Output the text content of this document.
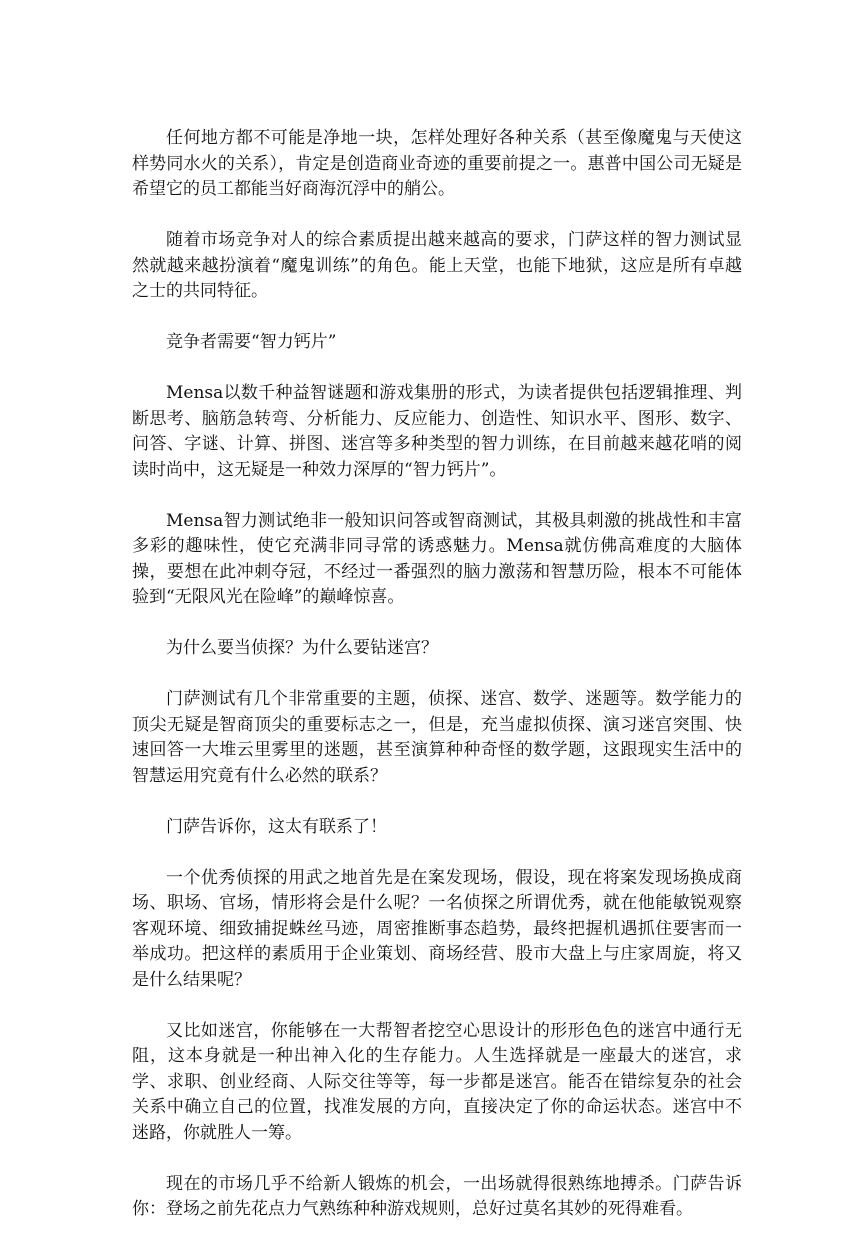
任何地方都不可能是净地一块，怎样处理好各种关系（甚至像魔鬼与天使这样势同水火的关系），肯定是创造商业奇迹的重要前提之一。惠普中国公司无疑是希望它的员工都能当好商海沉浮中的艄公。

随着市场竞争对人的综合素质提出越来越高的要求，门萨这样的智力测试显然就越来越扮演着“魔鬼训练”的角色。能上天堂，也能下地狱，这应是所有卓越之士的共同特征。

竞争者需要“智力钙片”

Mensa以数千种益智谜题和游戏集册的形式，为读者提供包括逻辑推理、判断思考、脑筋急转弯、分析能力、反应能力、创造性、知识水平、图形、数字、问答、字谜、计算、拼图、迷宫等多种类型的智力训练，在目前越来越花哨的阅读时尚中，这无疑是一种效力深厚的“智力钙片”。

Mensa智力测试绝非一般知识问答或智商测试，其极具刺激的挑战性和丰富多彩的趣味性，使它充满非同寻常的诱惑魅力。Mensa就仿佛高难度的大脑体操，要想在此冲刺夺冠，不经过一番强烈的脑力激荡和智慧历险，根本不可能体验到“无限风光在险峰”的巅峰惊喜。

为什么要当侦探？为什么要钻迷宫？

门萨测试有几个非常重要的主题，侦探、迷宫、数学、迷题等。数学能力的顶尖无疑是智商顶尖的重要标志之一，但是，充当虚拟侦探、演习迷宫突围、快速回答一大堆云里雾里的迷题，甚至演算种种奇怪的数学题，这跟现实生活中的智慧运用究竟有什么必然的联系？

门萨告诉你，这太有联系了！

一个优秀侦探的用武之地首先是在案发现场，假设，现在将案发现场换成商场、职场、官场，情形将会是什么呢？一名侦探之所谓优秀，就在他能敏锐观察客观环境、细致捕捉蛛丝马迹，周密推断事态趋势，最终把握机遇抓住要害而一举成功。把这样的素质用于企业策划、商场经营、股市大盘上与庄家周旋，将又是什么结果呢？

又比如迷宫，你能够在一大帮智者挖空心思设计的形形色色的迷宫中通行无阻，这本身就是一种出神入化的生存能力。人生选择就是一座最大的迷宫，求学、求职、创业经商、人际交往等等，每一步都是迷宫。能否在错综复杂的社会关系中确立自己的位置，找准发展的方向，直接决定了你的命运状态。迷宫中不迷路，你就胜人一筹。

现在的市场几乎不给新人锻炼的机会，一出场就得很熟练地搏杀。门萨告诉你：登场之前先花点力气熟练种种游戏规则，总好过莫名其妙的死得难看。
